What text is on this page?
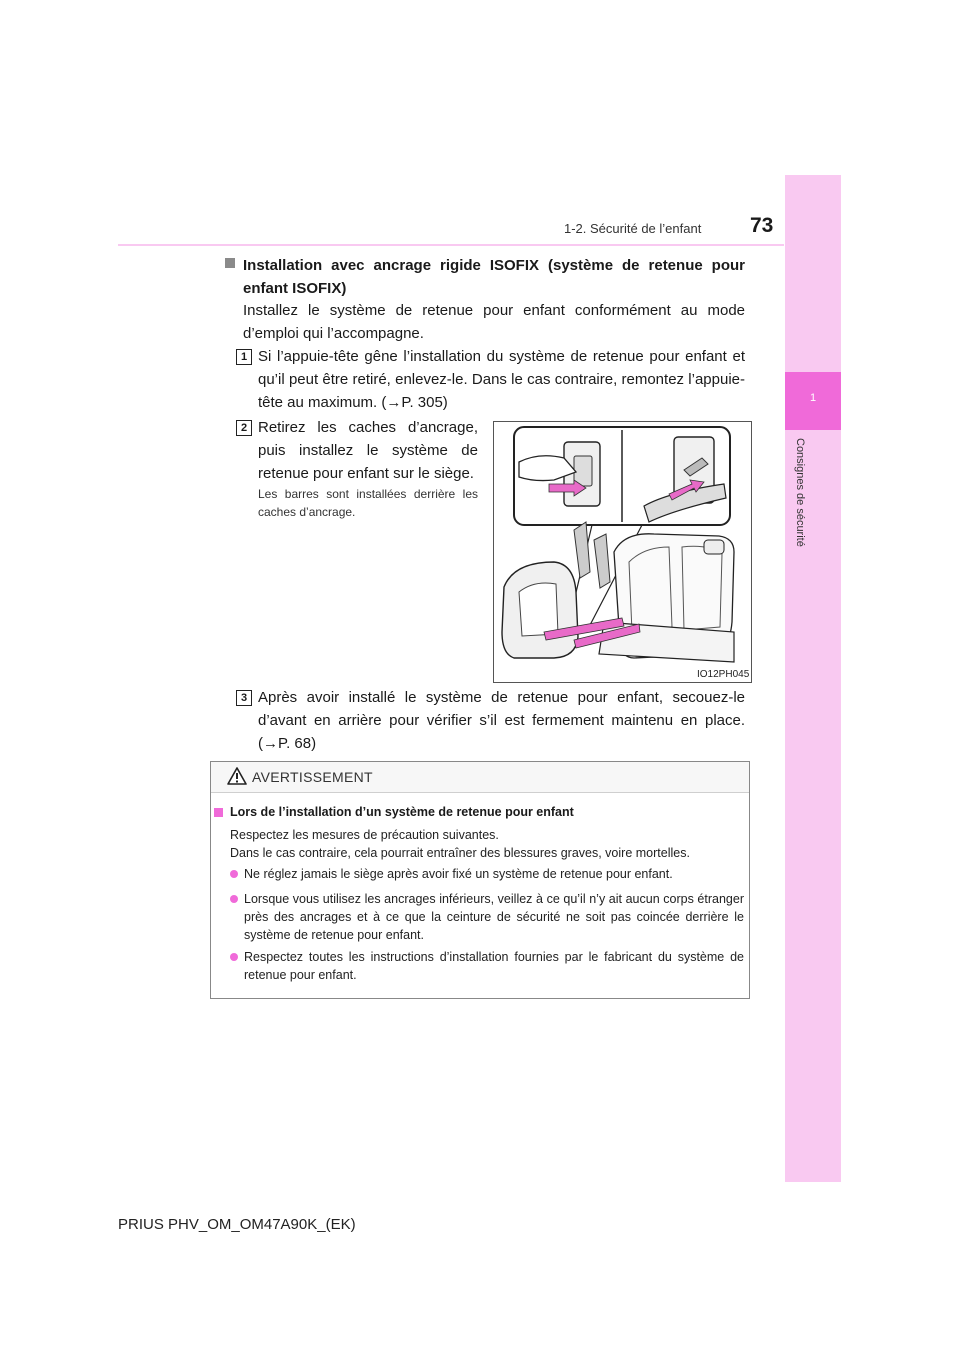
1
Consignes de sécurité
1-2. Sécurité de l’enfant 73
Installation avec ancrage rigide ISOFIX (système de retenue pour enfant ISOFIX)
Installez le système de retenue pour enfant conformément au mode d’emploi qui l’accompagne.
1 Si l’appuie-tête gêne l’installation du système de retenue pour enfant et qu’il peut être retiré, enlevez-le. Dans le cas contraire, remontez l’appuie-tête au maximum. (→P. 305)
2 Retirez les caches d’ancrage, puis installez le système de retenue pour enfant sur le siège.
Les barres sont installées derrière les caches d’ancrage.
IO12PH045
3 Après avoir installé le système de retenue pour enfant, secouez-le d’avant en arrière pour vérifier s’il est fermement maintenu en place. (→P. 68)
AVERTISSEMENT
Lors de l’installation d’un système de retenue pour enfant
Respectez les mesures de précaution suivantes.
Dans le cas contraire, cela pourrait entraîner des blessures graves, voire mortelles.
Ne réglez jamais le siège après avoir fixé un système de retenue pour enfant.
Lorsque vous utilisez les ancrages inférieurs, veillez à ce qu’il n’y ait aucun corps étranger près des ancrages et à ce que la ceinture de sécurité ne soit pas coincée derrière le système de retenue pour enfant.
Respectez toutes les instructions d’installation fournies par le fabricant du système de retenue pour enfant.
PRIUS PHV_OM_OM47A90K_(EK)
